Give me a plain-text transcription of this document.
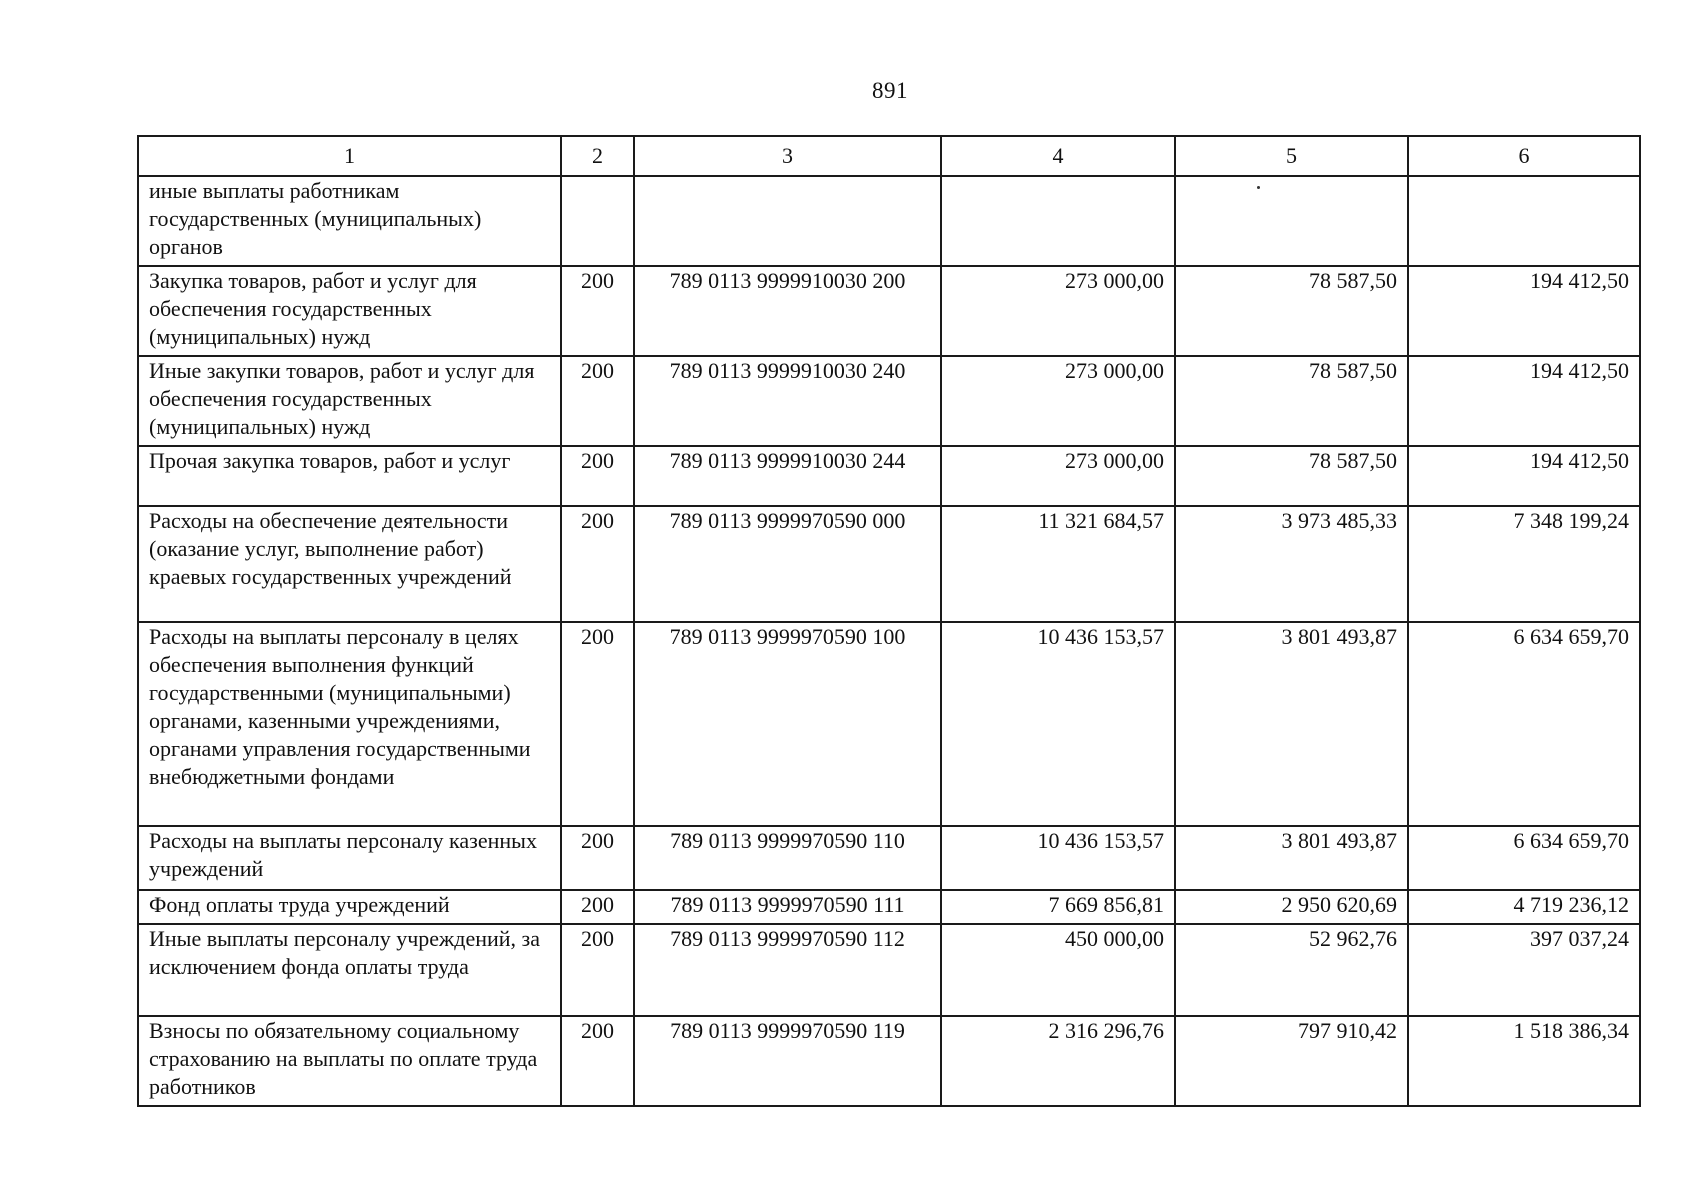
891
1	2	3	4	5	6
иные выплаты работникам государственных (муниципальных) органов					
Закупка товаров, работ и услуг для обеспечения государственных (муниципальных) нужд	200	789 0113 9999910030 200	273 000,00	78 587,50	194 412,50
Иные закупки товаров, работ и услуг для обеспечения государственных (муниципальных) нужд	200	789 0113 9999910030 240	273 000,00	78 587,50	194 412,50
Прочая закупка товаров, работ и услуг	200	789 0113 9999910030 244	273 000,00	78 587,50	194 412,50
Расходы на обеспечение деятельности (оказание услуг, выполнение работ) краевых государственных учреждений	200	789 0113 9999970590 000	11 321 684,57	3 973 485,33	7 348 199,24
Расходы на выплаты персоналу в целях обеспечения выполнения функций государственными (муниципальными) органами, казенными учреждениями, органами управления государственными внебюджетными фондами	200	789 0113 9999970590 100	10 436 153,57	3 801 493,87	6 634 659,70
Расходы на выплаты персоналу казенных учреждений	200	789 0113 9999970590 110	10 436 153,57	3 801 493,87	6 634 659,70
Фонд оплаты труда учреждений	200	789 0113 9999970590 111	7 669 856,81	2 950 620,69	4 719 236,12
Иные выплаты персоналу учреждений, за исключением фонда оплаты труда	200	789 0113 9999970590 112	450 000,00	52 962,76	397 037,24
Взносы по обязательному социальному страхованию на выплаты по оплате труда работников	200	789 0113 9999970590 119	2 316 296,76	797 910,42	1 518 386,34
